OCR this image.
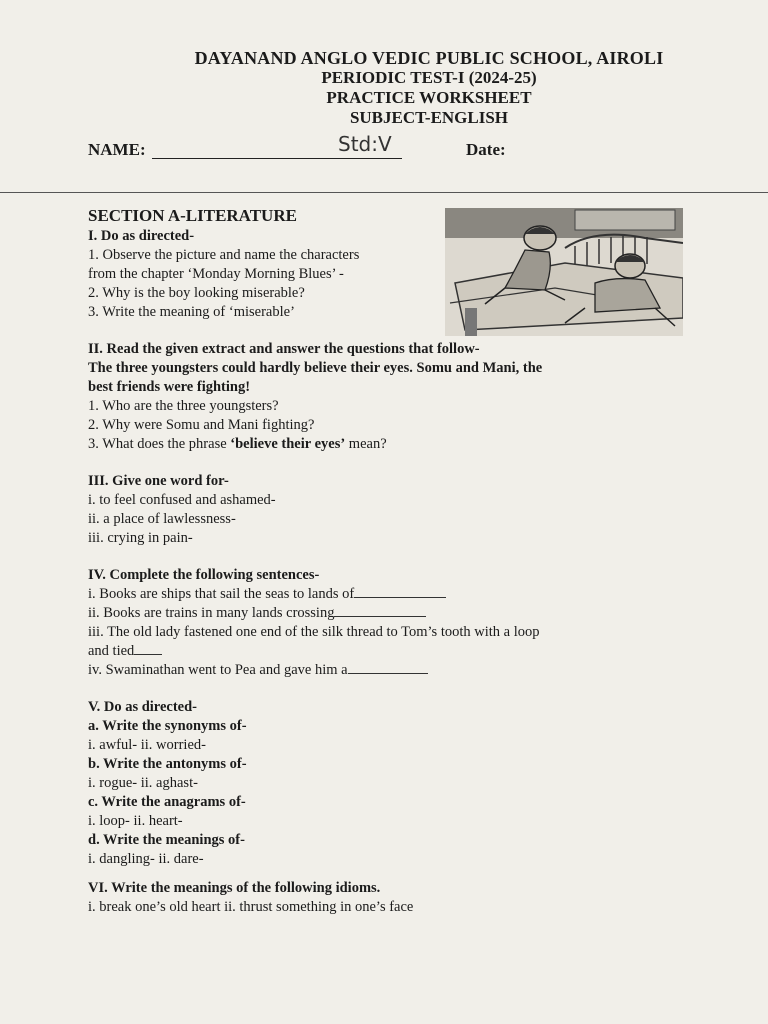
DAYANAND ANGLO VEDIC PUBLIC SCHOOL, AIROLI
PERIODIC TEST-I (2024-25)
PRACTICE WORKSHEET
SUBJECT-ENGLISH
NAME:	Std:V	Date:
SECTION A-LITERATURE
I. Do as directed-
1. Observe the picture and name the characters
from the chapter ‘Monday Morning Blues’ -
2. Why is the boy looking miserable?
3. Write the meaning of ‘miserable’
II. Read the given extract and answer the questions that follow-
The three youngsters could hardly believe their eyes. Somu and Mani, the
best friends were fighting!
1. Who are the three youngsters?
2. Why were Somu and Mani fighting?
3. What does the phrase ‘believe their eyes’ mean?
III. Give one word for-
i. to feel confused and ashamed-
ii. a place of lawlessness-
iii. crying in pain-
IV. Complete the following sentences-
i. Books are ships that sail the seas to lands of
ii. Books are trains in many lands crossing
iii. The old lady fastened one end of the silk thread to Tom’s tooth with a loop
and tied
iv. Swaminathan went to Pea and gave him a
V. Do as directed-
a. Write the synonyms of-
i. awful- ii. worried-
b. Write the antonyms of-
i. rogue- ii. aghast-
c. Write the anagrams of-
i. loop- ii. heart-
d. Write the meanings of-
i. dangling- ii. dare-
VI. Write the meanings of the following idioms.
i. break one’s old heart ii. thrust something in one’s face
